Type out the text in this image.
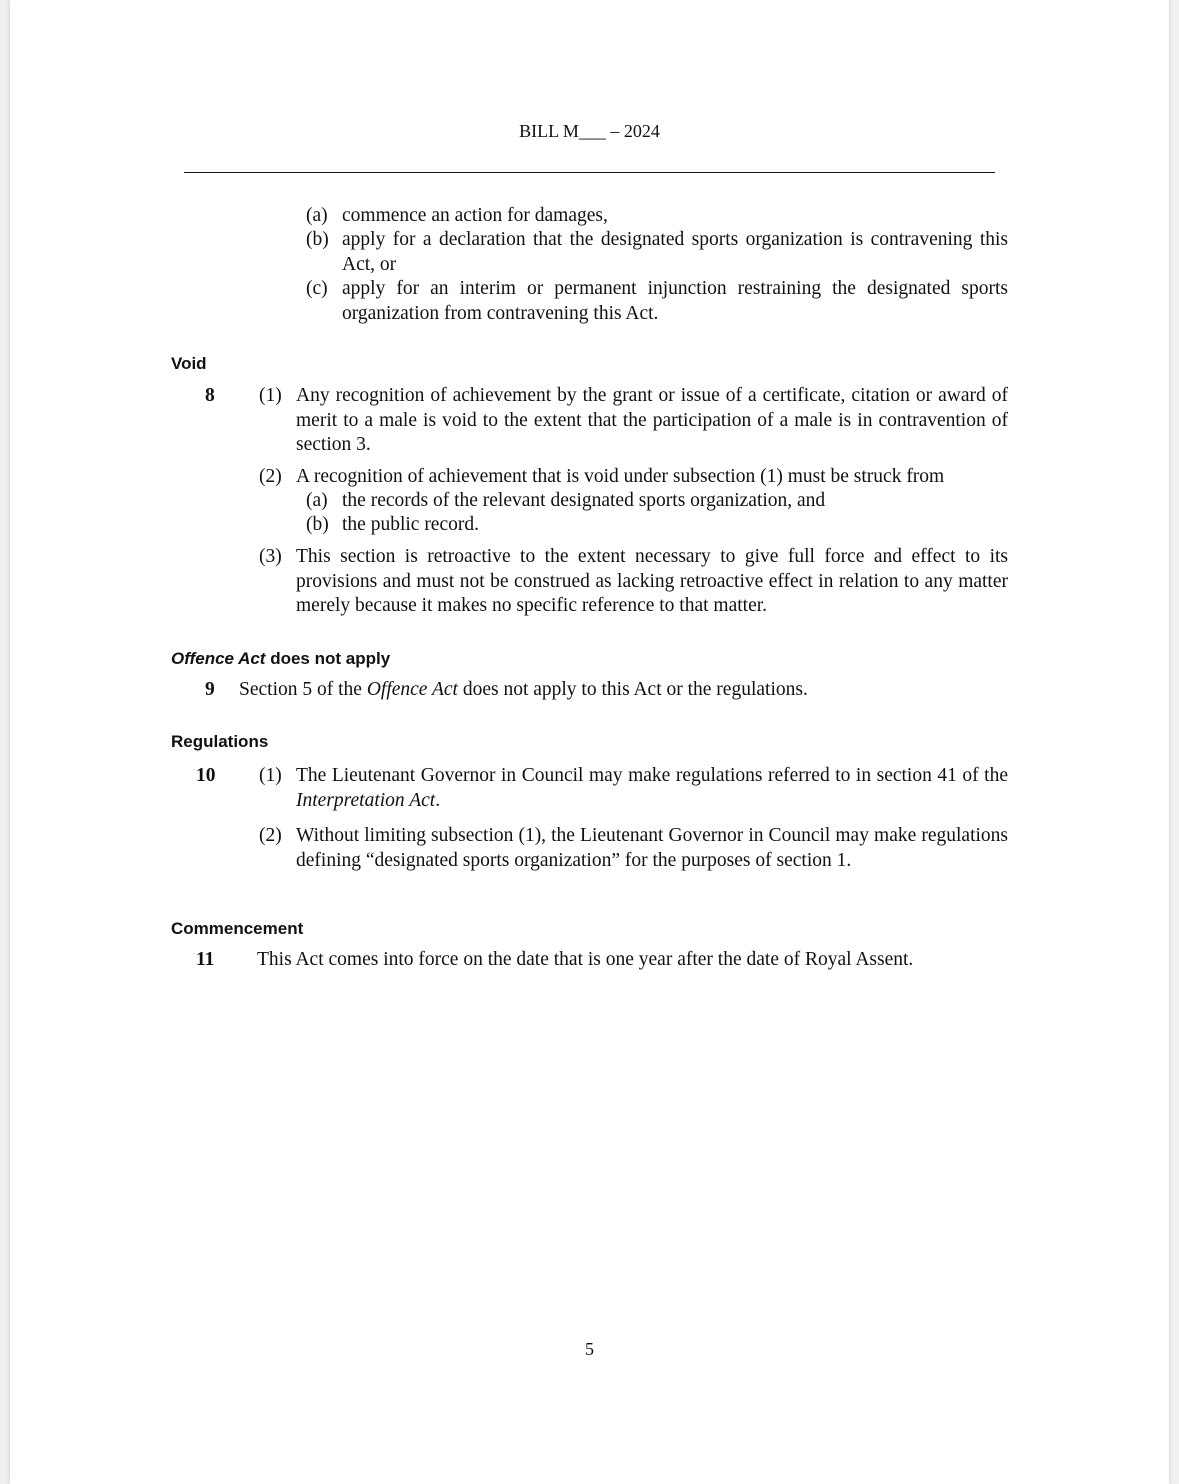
BILL M___ – 2024
(a) commence an action for damages,
(b) apply for a declaration that the designated sports organization is contravening this Act, or
(c) apply for an interim or permanent injunction restraining the designated sports organization from contravening this Act.
Void
8 (1) Any recognition of achievement by the grant or issue of a certificate, citation or award of merit to a male is void to the extent that the participation of a male is in contravention of section 3.
(2) A recognition of achievement that is void under subsection (1) must be struck from
(a) the records of the relevant designated sports organization, and
(b) the public record.
(3) This section is retroactive to the extent necessary to give full force and effect to its provisions and must not be construed as lacking retroactive effect in relation to any matter merely because it makes no specific reference to that matter.
Offence Act does not apply
9 Section 5 of the Offence Act does not apply to this Act or the regulations.
Regulations
10 (1) The Lieutenant Governor in Council may make regulations referred to in section 41 of the Interpretation Act.
(2) Without limiting subsection (1), the Lieutenant Governor in Council may make regulations defining “designated sports organization” for the purposes of section 1.
Commencement
11 This Act comes into force on the date that is one year after the date of Royal Assent.
5
